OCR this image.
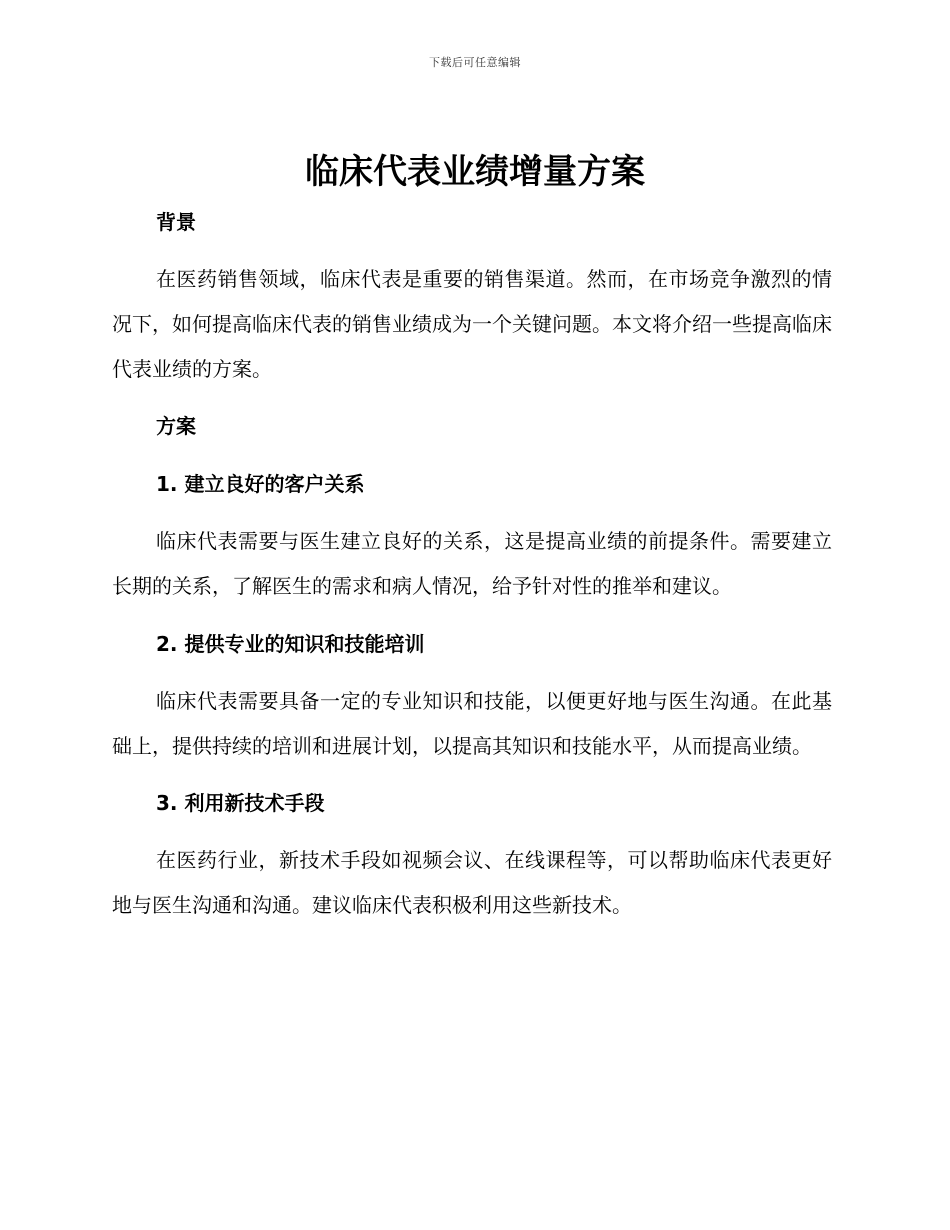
下载后可任意编辑
临床代表业绩增量方案

背景

在医药销售领域，临床代表是重要的销售渠道。然而，在市场竞争激烈的情况下，如何提高临床代表的销售业绩成为一个关键问题。本文将介绍一些提高临床代表业绩的方案。

方案

1. 建立良好的客户关系

临床代表需要与医生建立良好的关系，这是提高业绩的前提条件。需要建立长期的关系，了解医生的需求和病人情况，给予针对性的推举和建议。

2. 提供专业的知识和技能培训

临床代表需要具备一定的专业知识和技能，以便更好地与医生沟通。在此基础上，提供持续的培训和进展计划，以提高其知识和技能水平，从而提高业绩。

3. 利用新技术手段

在医药行业，新技术手段如视频会议、在线课程等，可以帮助临床代表更好地与医生沟通和沟通。建议临床代表积极利用这些新技术。
